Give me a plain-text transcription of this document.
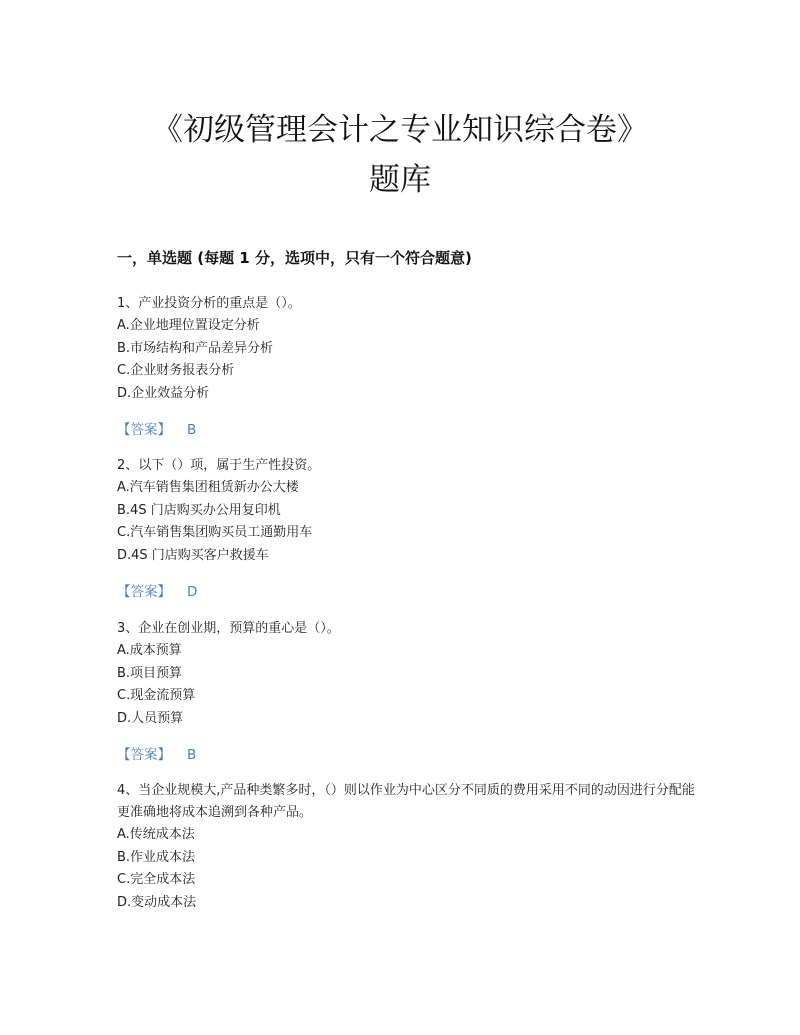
《初级管理会计之专业知识综合卷》
题库
一，单选题 (每题 1 分，选项中，只有一个符合题意)
1、产业投资分析的重点是（）。
A.企业地理位置设定分析
B.市场结构和产品差异分析
C.企业财务报表分析
D.企业效益分析
【答案】 B
2、以下（）项，属于生产性投资。
A.汽车销售集团租赁新办公大楼
B.4S 门店购买办公用复印机
C.汽车销售集团购买员工通勤用车
D.4S 门店购买客户救援车
【答案】 D
3、企业在创业期，预算的重心是（）。
A.成本预算
B.项目预算
C.现金流预算
D.人员预算
【答案】 B
4、当企业规模大,产品种类繁多时，（）则以作业为中心区分不同质的费用采用不同的动因进行分配能更准确地将成本追溯到各种产品。
A.传统成本法
B.作业成本法
C.完全成本法
D.变动成本法
